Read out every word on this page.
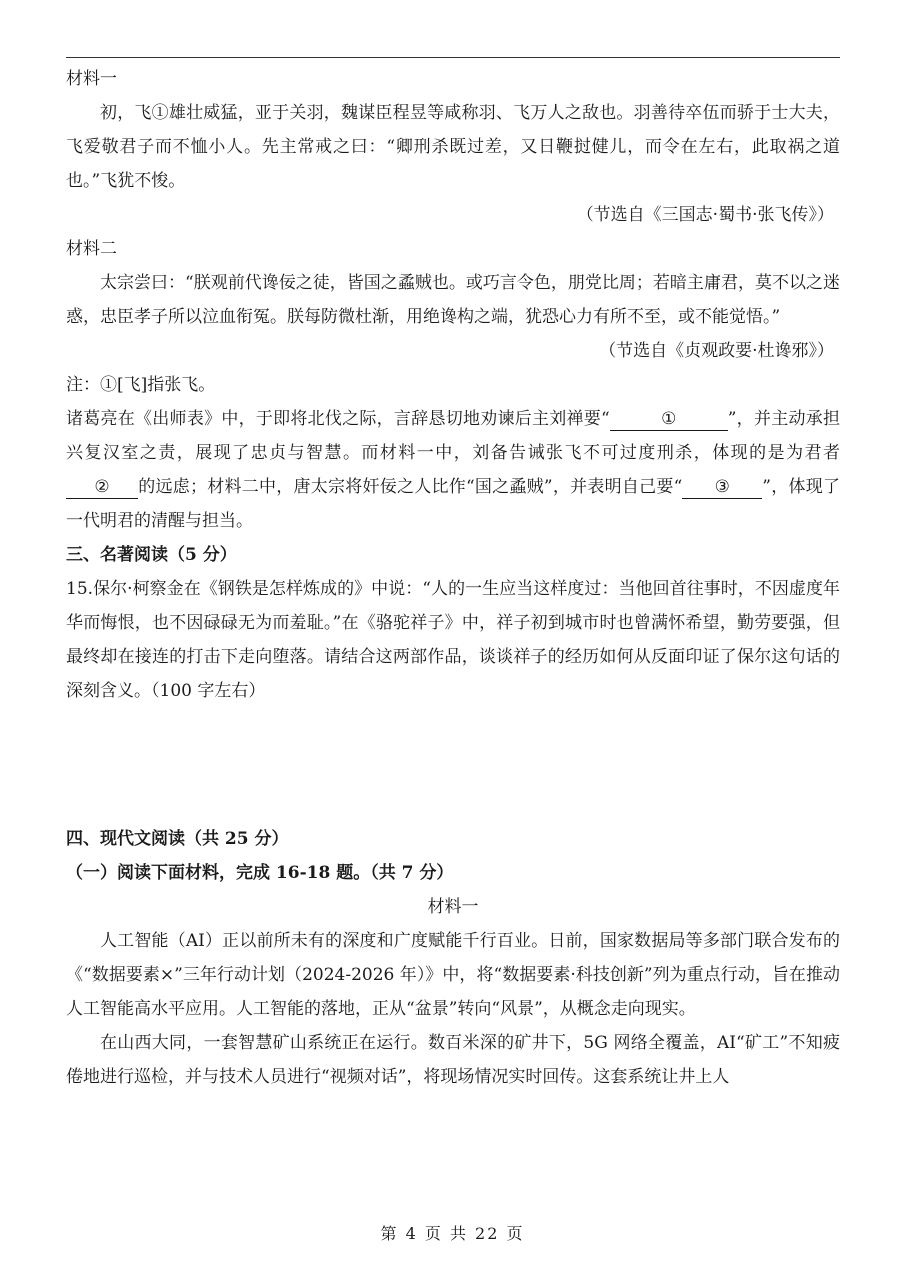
材料一

初，飞①雄壮威猛，亚于关羽，魏谋臣程昱等咸称羽、飞万人之敌也。羽善待卒伍而骄于士大夫，飞爱敬君子而不恤小人。先主常戒之曰：“卿刑杀既过差，又日鞭挝健儿，而令在左右，此取祸之道也。”飞犹不悛。

（节选自《三国志·蜀书·张飞传》）

材料二

太宗尝曰：“朕观前代谗佞之徒，皆国之蟊贼也。或巧言令色，朋党比周；若暗主庸君，莫不以之迷惑，忠臣孝子所以泣血衔冤。朕每防微杜渐，用绝谗构之端，犹恐心力有所不至，或不能觉悟。”

（节选自《贞观政要·杜谗邪》）

注：①[飞]指张飞。

诸葛亮在《出师表》中，于即将北伐之际，言辞恳切地劝谏后主刘禅要“	①	”，并主动承担兴复汉室之责，展现了忠贞与智慧。而材料一中，刘备告诫张飞不可过度刑杀，体现的是为君者② 的远虑；材料二中，唐太宗将奸佞之人比作“国之蟊贼”，并表明自己要“ ③ ”，体现了一代明君的清醒与担当。

三、名著阅读（5 分）

15.保尔·柯察金在《钢铁是怎样炼成的》中说：“人的一生应当这样度过：当他回首往事时，不因虚度年华而悔恨，也不因碌碌无为而羞耻。”在《骆驼祥子》中，祥子初到城市时也曾满怀希望，勤劳要强，但最终却在接连的打击下走向堕落。请结合这两部作品，谈谈祥子的经历如何从反面印证了保尔这句话的深刻含义。（100 字左右）

四、现代文阅读（共 25 分）

（一）阅读下面材料，完成 16-18 题。（共 7 分）

材料一

人工智能（AI）正以前所未有的深度和广度赋能千行百业。日前，国家数据局等多部门联合发布的《“数据要素×”三年行动计划（2024-2026 年）》中，将“数据要素·科技创新”列为重点行动，旨在推动人工智能高水平应用。人工智能的落地，正从“盆景”转向“风景”，从概念走向现实。

在山西大同，一套智慧矿山系统正在运行。数百米深的矿井下，5G 网络全覆盖，AI“矿工”不知疲倦地进行巡检，并与技术人员进行“视频对话”，将现场情况实时回传。这套系统让井上人

第 4 页 共 22 页
